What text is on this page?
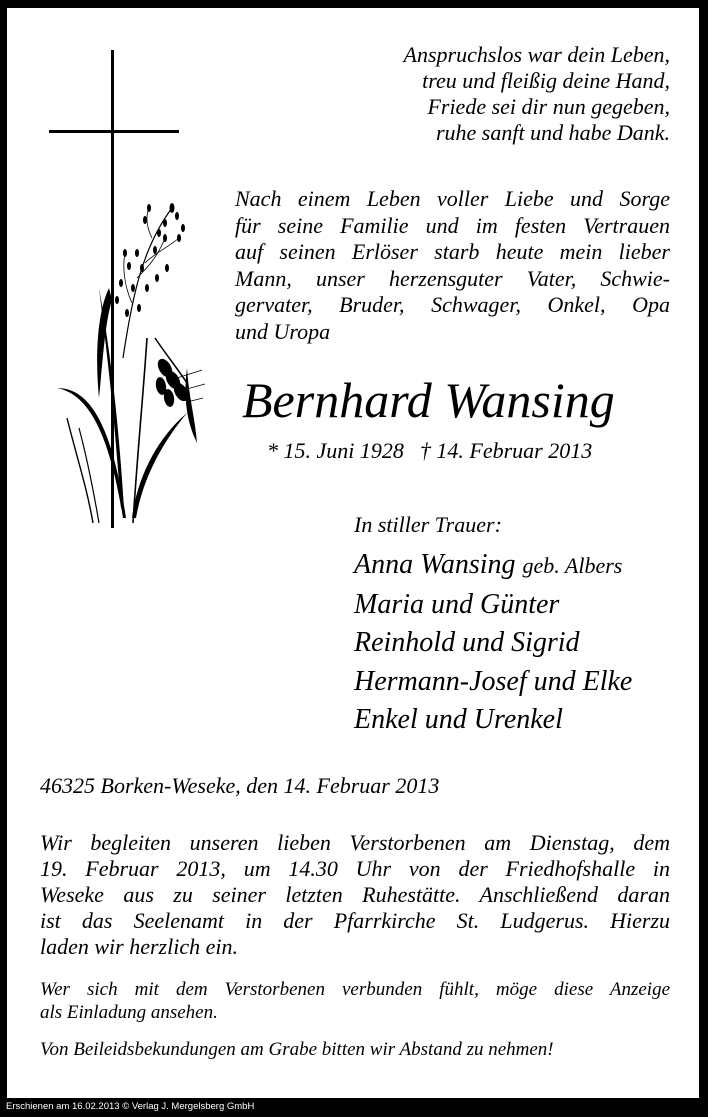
Anspruchslos war dein Leben,
treu und fleißig deine Hand,
Friede sei dir nun gegeben,
ruhe sanft und habe Dank.
Nach einem Leben voller Liebe und Sorge
für seine Familie und im festen Vertrauen
auf seinen Erlöser starb heute mein lieber
Mann, unser herzensguter Vater, Schwie-
gervater, Bruder, Schwager, Onkel, Opa
und Uropa
Bernhard Wansing
* 15. Juni 1928 † 14. Februar 2013
In stiller Trauer:
Anna Wansing geb. Albers
Maria und Günter
Reinhold und Sigrid
Hermann-Josef und Elke
Enkel und Urenkel
46325 Borken-Weseke, den 14. Februar 2013
Wir begleiten unseren lieben Verstorbenen am Dienstag, dem
19. Februar 2013, um 14.30 Uhr von der Friedhofshalle in
Weseke aus zu seiner letzten Ruhestätte. Anschließend daran
ist das Seelenamt in der Pfarrkirche St. Ludgerus. Hierzu
laden wir herzlich ein.
Wer sich mit dem Verstorbenen verbunden fühlt, möge diese Anzeige
als Einladung ansehen.
Von Beileidsbekundungen am Grabe bitten wir Abstand zu nehmen!
Erschienen am 16.02.2013 © Verlag J. Mergelsberg GmbH
